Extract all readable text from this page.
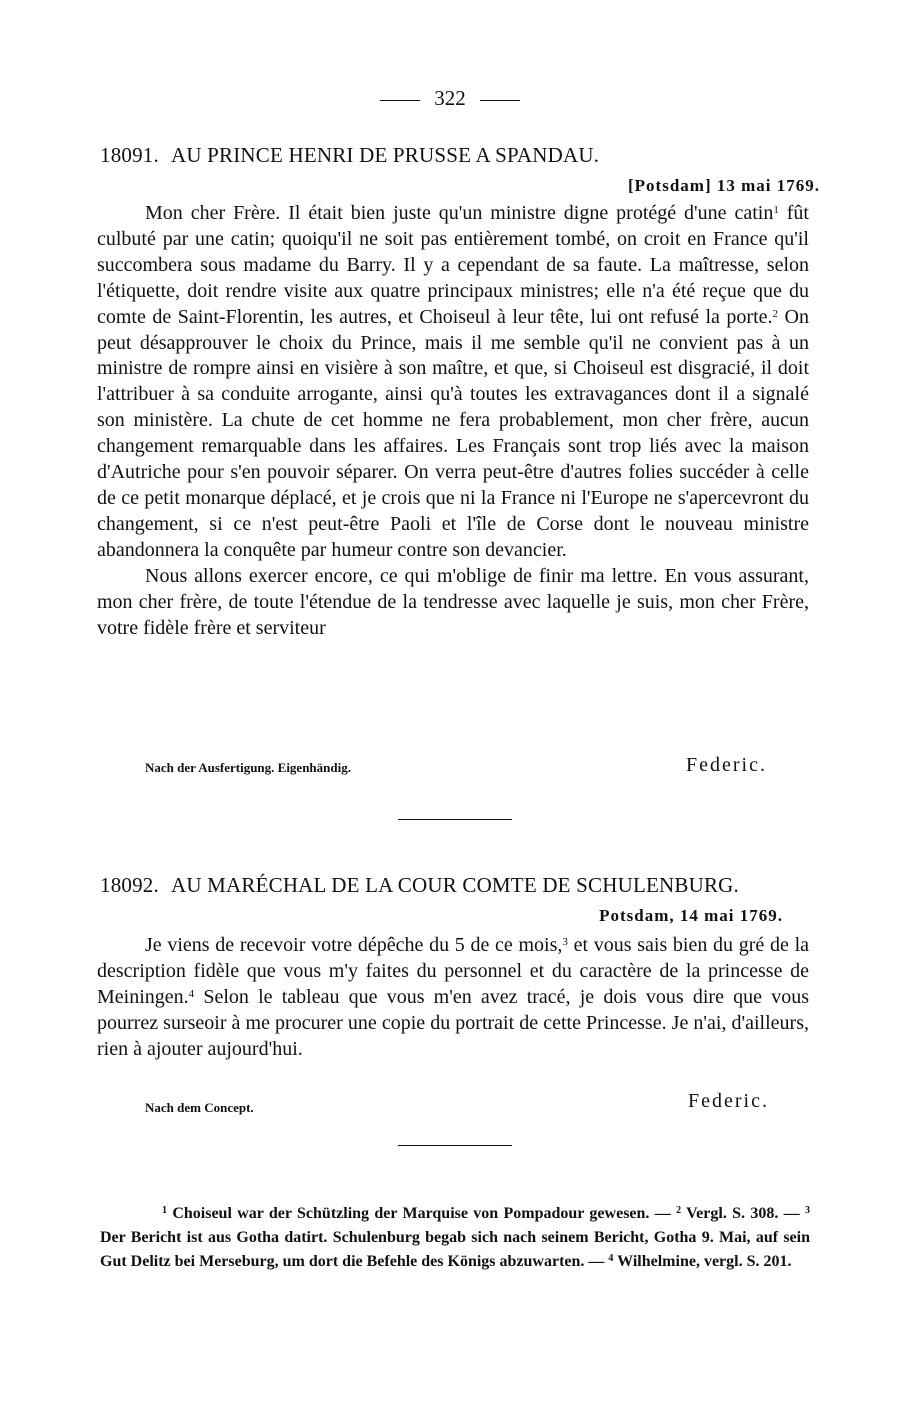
322
18091. AU PRINCE HENRI DE PRUSSE A SPANDAU.
[Potsdam] 13 mai 1769.

Mon cher Frère. Il était bien juste qu'un ministre digne protégé d'une catin$^1$ fût culbuté par une catin; quoiqu'il ne soit pas entièrement tombé, on croit en France qu'il succombera sous madame du Barry. Il y a cependant de sa faute. La maîtresse, selon l'étiquette, doit rendre visite aux quatre principaux ministres; elle n'a été reçue que du comte de Saint-Florentin, les autres, et Choiseul à leur tête, lui ont refusé la porte.$^2$ On peut désapprouver le choix du Prince, mais il me semble qu'il ne convient pas à un ministre de rompre ainsi en visière à son maître, et que, si Choiseul est disgracié, il doit l'attribuer à sa conduite arrogante, ainsi qu'à toutes les extravagances dont il a signalé son ministère. La chute de cet homme ne fera probablement, mon cher frère, aucun changement remarquable dans les affaires. Les Français sont trop liés avec la maison d'Autriche pour s'en pouvoir séparer. On verra peut-être d'autres folies succéder à celle de ce petit monarque déplacé, et je crois que ni la France ni l'Europe ne s'apercevront du changement, si ce n'est peut-être Paoli et l'île de Corse dont le nouveau ministre abandonnera la conquête par humeur contre son devancier.

Nous allons exercer encore, ce qui m'oblige de finir ma lettre. En vous assurant, mon cher frère, de toute l'étendue de la tendresse avec laquelle je suis, mon cher Frère, votre fidèle frère et serviteur

Nach der Ausfertigung. Eigenhändig.	Federic.
18092. AU MARÉCHAL DE LA COUR COMTE DE SCHULENBURG.
Potsdam, 14 mai 1769.

Je viens de recevoir votre dépêche du 5 de ce mois,$^3$ et vous sais bien du gré de la description fidèle que vous m'y faites du personnel et du caractère de la princesse de Meiningen.$^4$ Selon le tableau que vous m'en avez tracé, je dois vous dire que vous pourrez surseoir à me procurer une copie du portrait de cette Princesse. Je n'ai, d'ailleurs, rien à ajouter aujourd'hui.

Nach dem Concept.	Federic.

$^1$ Choiseul war der Schützling der Marquise von Pompadour gewesen. — $^2$ Vergl. S. 308. — $^3$ Der Bericht ist aus Gotha datirt. Schulenburg begab sich nach seinem Bericht, Gotha 9. Mai, auf sein Gut Delitz bei Merseburg, um dort die Befehle des Königs abzuwarten. — $^4$ Wilhelmine, vergl. S. 201.
